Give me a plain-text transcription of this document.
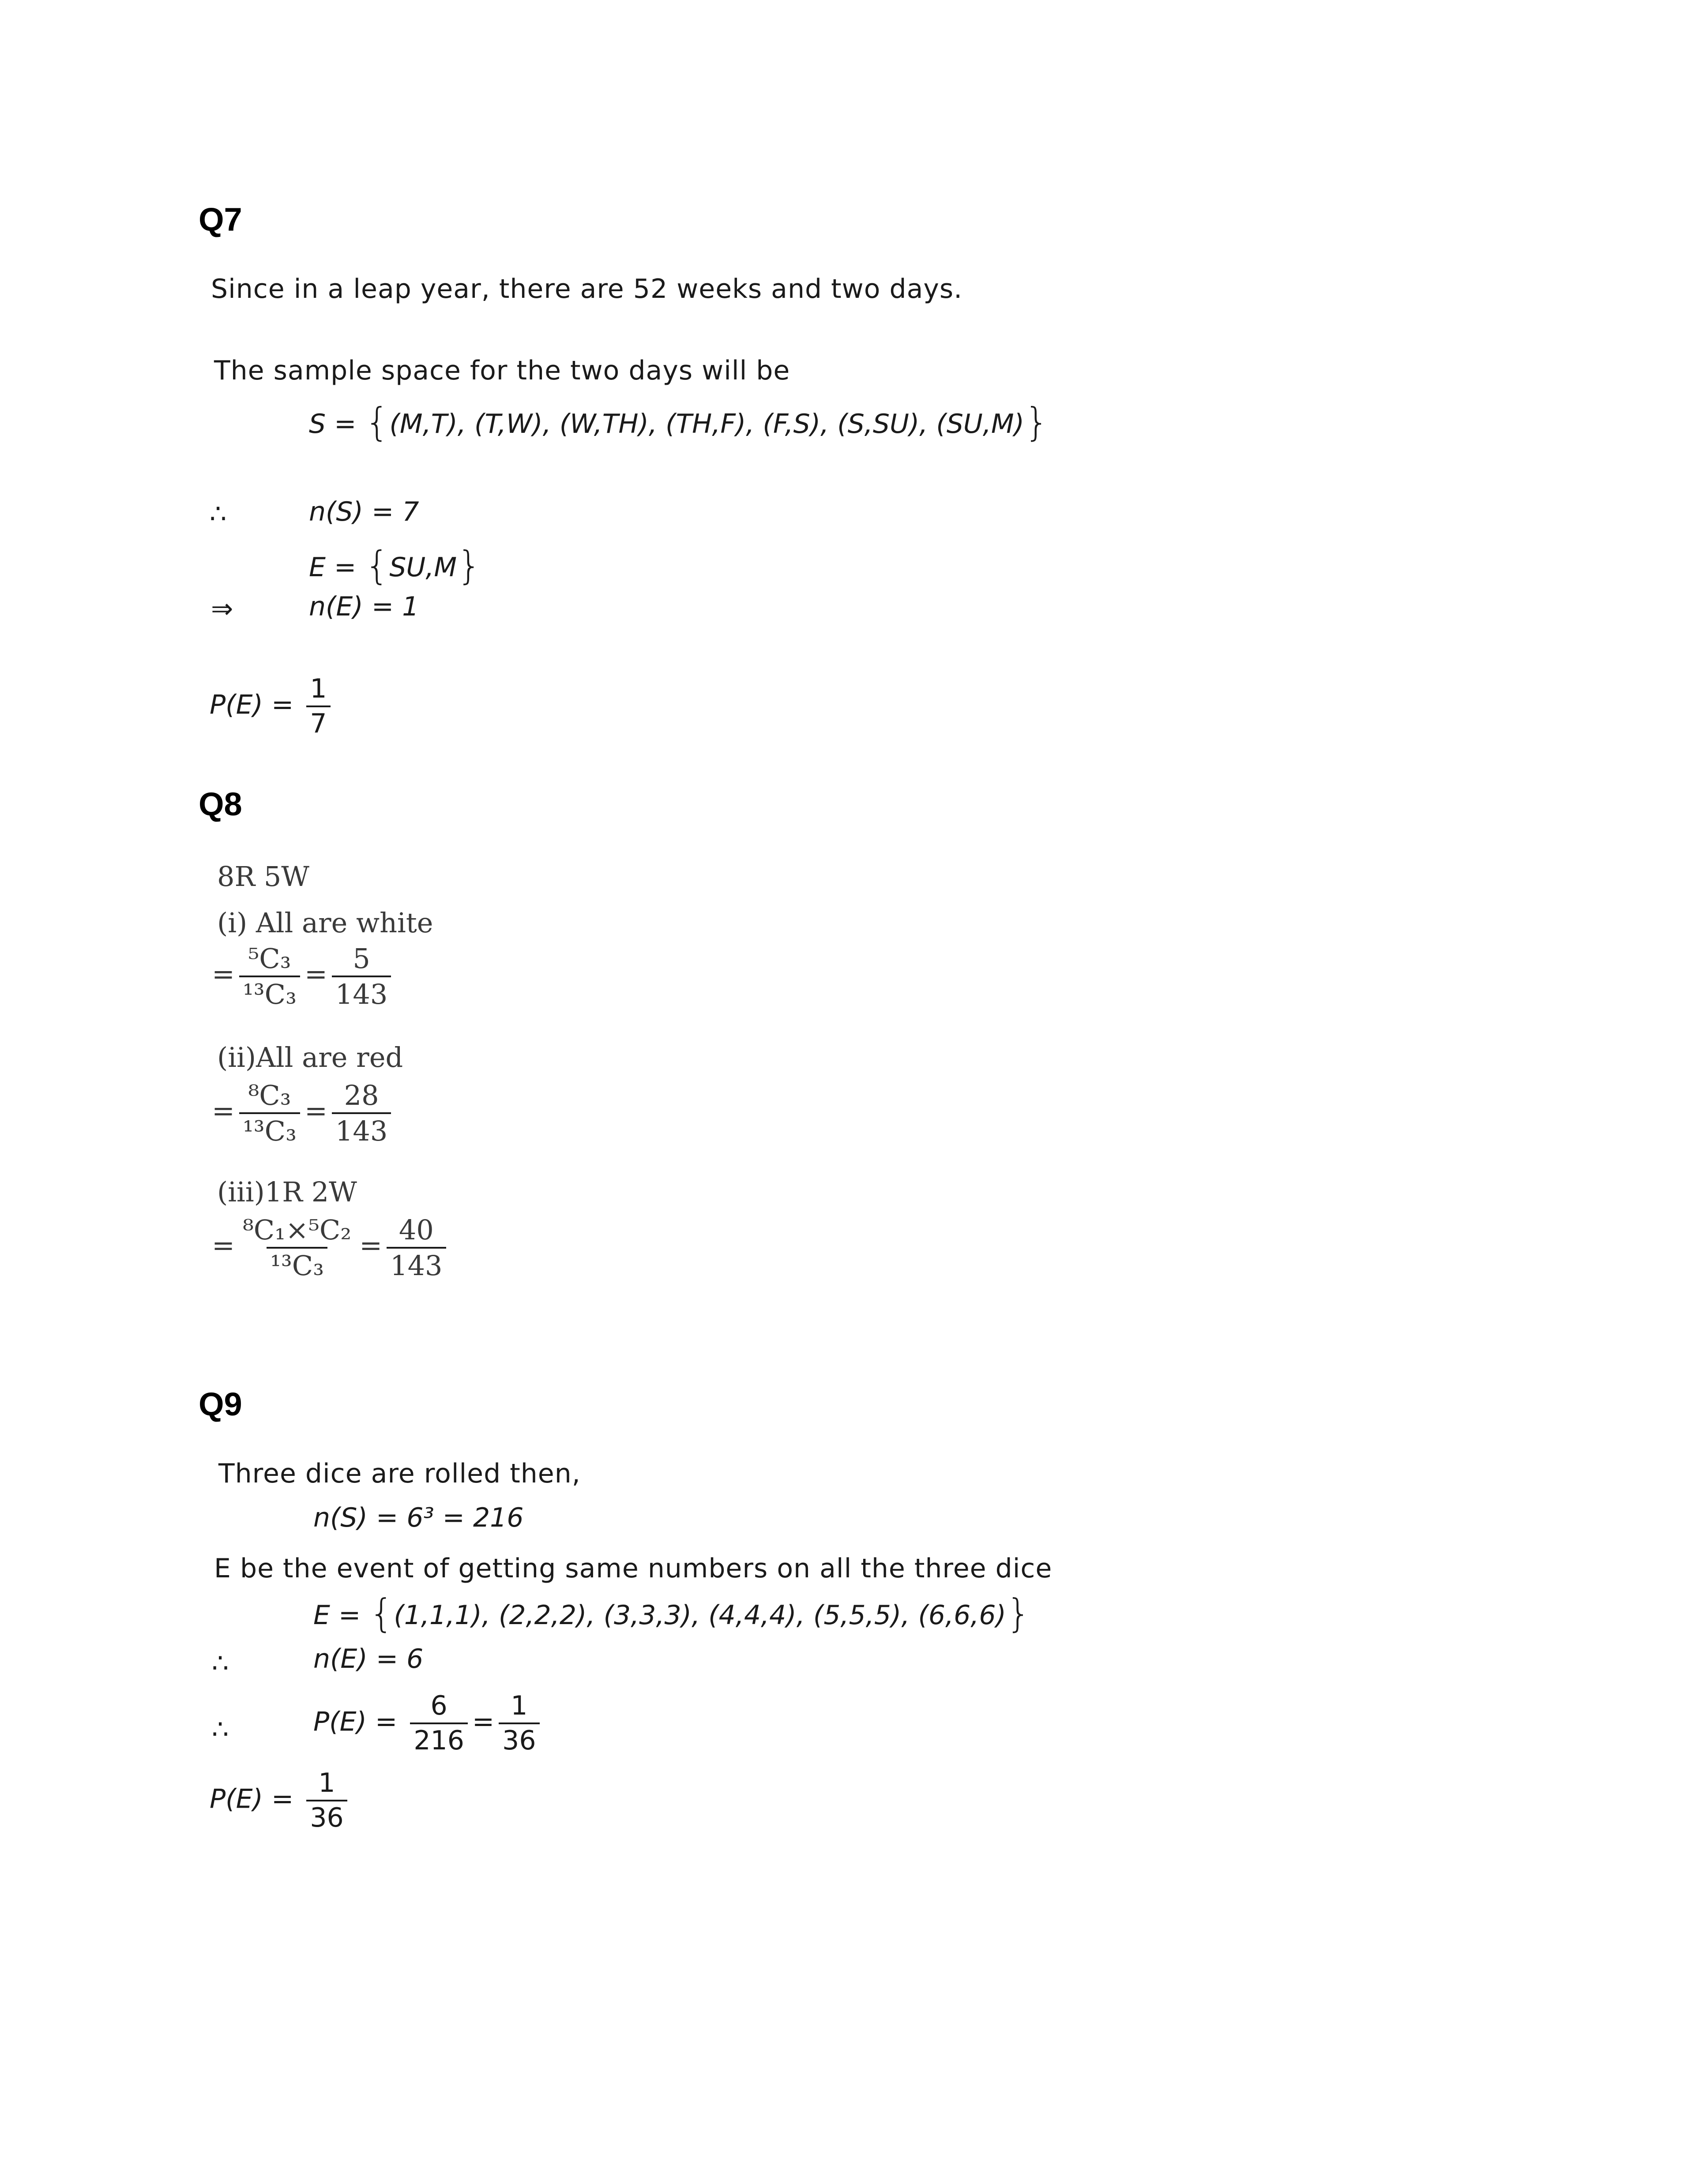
Q7
Since in a leap year, there are 52 weeks and two days.
The sample space for the two days will be
S = {(M,T), (T,W), (W,TH), (TH,F), (F,S), (S,SU), (SU,M)}
∴	n(S) = 7
E = {SU,M}
⇒	n(E) = 1
$P(E) = \frac{1}{7}$
Q8
8R 5W
(i) All are white
= $\frac{\text{⁵C₃}}{\text{¹³C₃}} = \frac{5}{143}$
(ii)All are red
= $\frac{\text{⁸C₃}}{\text{¹³C₃}} = \frac{28}{143}$
(iii)1R 2W
= $\frac{\text{⁸C₁×⁵C₂}}{\text{¹³C₃}} = \frac{40}{143}$
Q9
Three dice are rolled then,
n(S) = 6³ = 216
E be the event of getting same numbers on all the three dice
E = {(1,1,1), (2,2,2), (3,3,3), (4,4,4), (5,5,5), (6,6,6)}
∴	n(E) = 6
∴	$P(E) = \frac{6}{216} = \frac{1}{36}$
$P(E) = \frac{1}{36}$
